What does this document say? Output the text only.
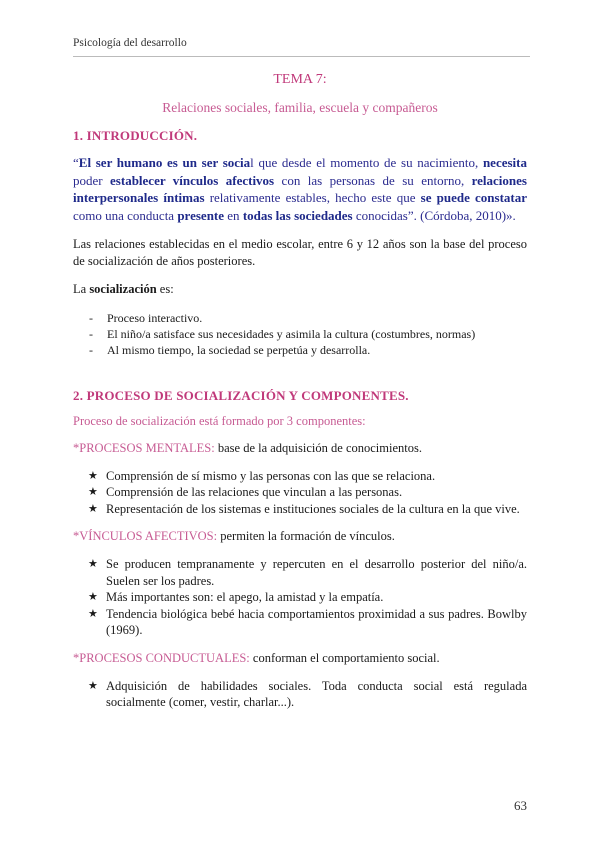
Psicología del desarrollo
TEMA 7:
Relaciones sociales, familia, escuela y compañeros
1. INTRODUCCIÓN.

“El ser humano es un ser social que desde el momento de su nacimiento, necesita poder establecer vínculos afectivos con las personas de su entorno, relaciones interpersonales íntimas relativamente estables, hecho este que se puede constatar como una conducta presente en todas las sociedades conocidas”. (Córdoba, 2010)».

Las relaciones establecidas en el medio escolar, entre 6 y 12 años son la base del proceso de socialización de años posteriores.

La socialización es:

- Proceso interactivo.
- El niño/a satisface sus necesidades y asimila la cultura (costumbres, normas)
- Al mismo tiempo, la sociedad se perpetúa y desarrolla.
2. PROCESO DE SOCIALIZACIÓN Y COMPONENTES.

Proceso de socialización está formado por 3 componentes:

*PROCESOS MENTALES: base de la adquisición de conocimientos.

★ Comprensión de sí mismo y las personas con las que se relaciona.
★ Comprensión de las relaciones que vinculan a las personas.
★ Representación de los sistemas e instituciones sociales de la cultura en la que vive.

*VÍNCULOS AFECTIVOS: permiten la formación de vínculos.

★ Se producen tempranamente y repercuten en el desarrollo posterior del niño/a. Suelen ser los padres.
★ Más importantes son: el apego, la amistad y la empatía.
★ Tendencia biológica bebé hacia comportamientos proximidad a sus padres. Bowlby (1969).

*PROCESOS CONDUCTUALES: conforman el comportamiento social.

★ Adquisición de habilidades sociales. Toda conducta social está regulada socialmente (comer, vestir, charlar...).
63
